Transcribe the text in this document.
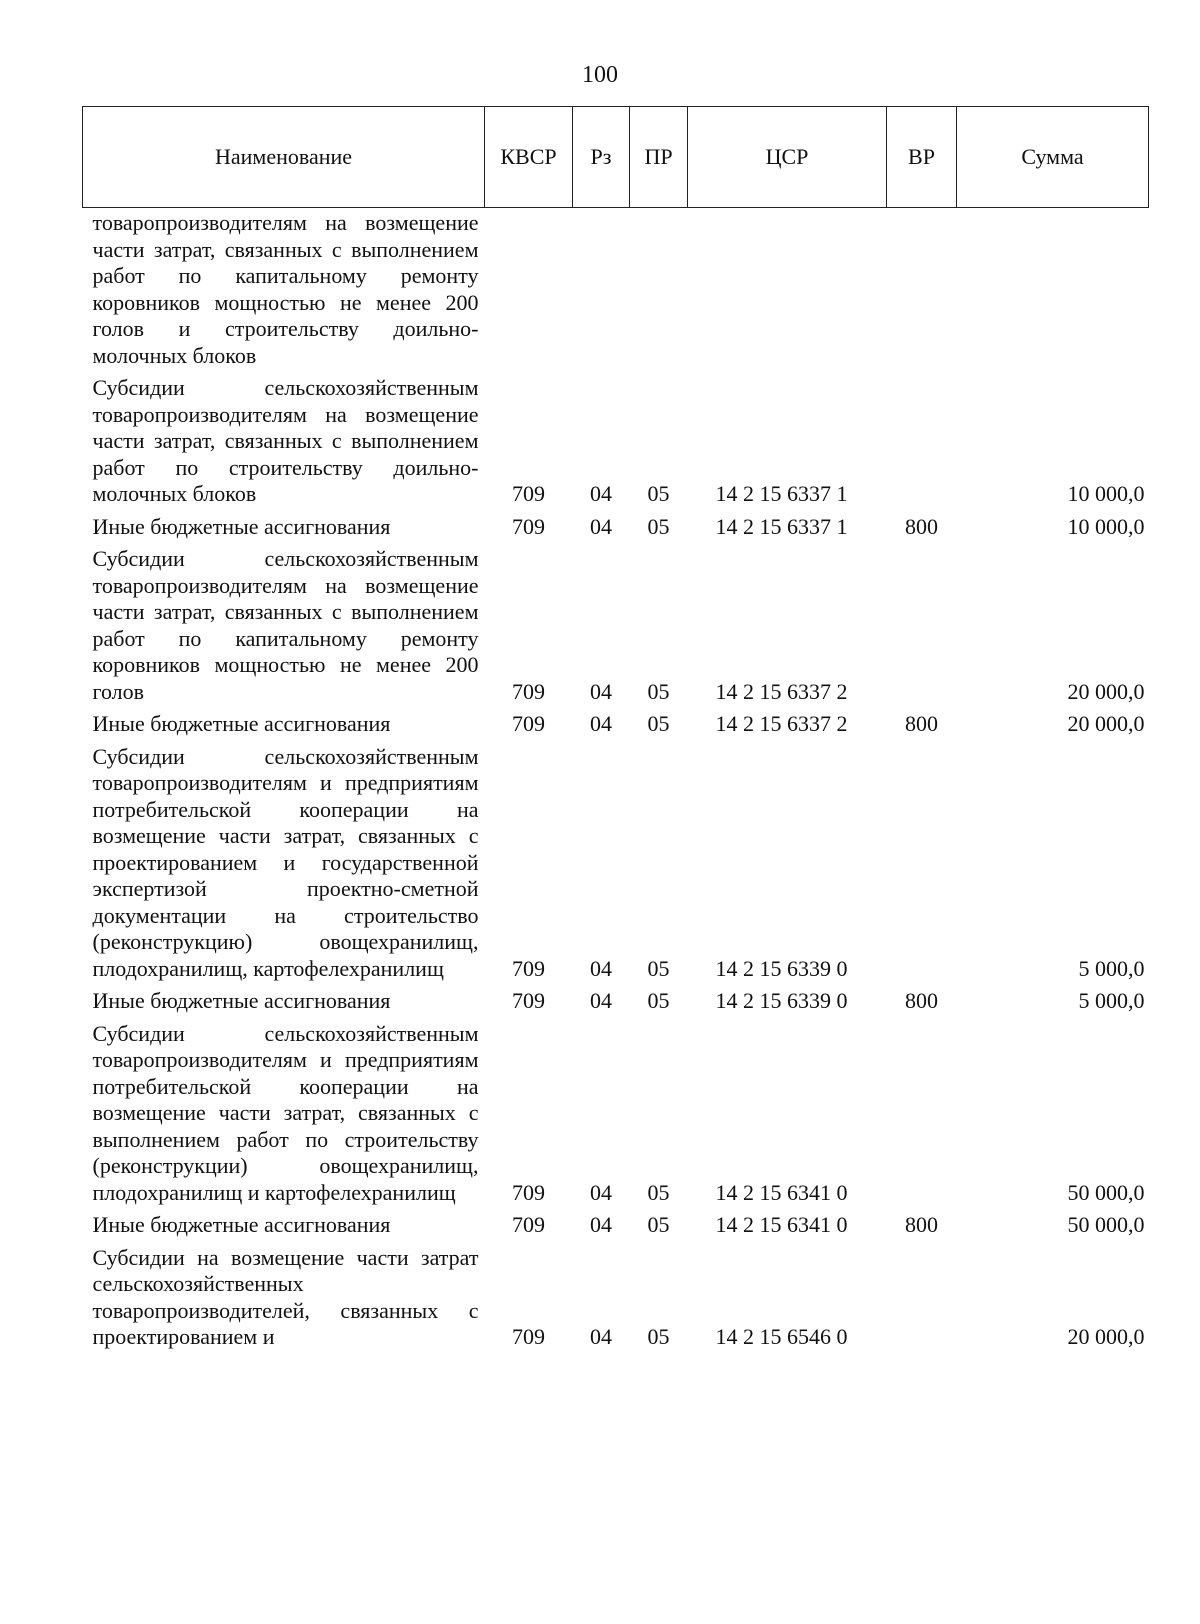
100
Наименование	КВСР	Рз	ПР	ЦСР	ВР	Сумма
товаропроизводителям на возмещение части затрат, связанных с выполнением работ по капитальному ремонту коровников мощностью не менее 200 голов и строительству доильно-молочных блоков						
Субсидии сельскохозяйственным товаропроизводителям на возмещение части затрат, связанных с выполнением работ по строительству доильно-молочных блоков	709	04	05	14 2 15 6337 1		10 000,0
Иные бюджетные ассигнования	709	04	05	14 2 15 6337 1	800	10 000,0
Субсидии сельскохозяйственным товаропроизводителям на возмещение части затрат, связанных с выполнением работ по капитальному ремонту коровников мощностью не менее 200 голов	709	04	05	14 2 15 6337 2		20 000,0
Иные бюджетные ассигнования	709	04	05	14 2 15 6337 2	800	20 000,0
Субсидии сельскохозяйственным товаропроизводителям и предприятиям потребительской кооперации на возмещение части затрат, связанных с проектированием и государственной экспертизой проектно-сметной документации на строительство (реконструкцию) овощехранилищ, плодохранилищ, картофелехранилищ	709	04	05	14 2 15 6339 0		5 000,0
Иные бюджетные ассигнования	709	04	05	14 2 15 6339 0	800	5 000,0
Субсидии сельскохозяйственным товаропроизводителям и предприятиям потребительской кооперации на возмещение части затрат, связанных с выполнением работ по строительству (реконструкции) овощехранилищ, плодохранилищ и картофелехранилищ	709	04	05	14 2 15 6341 0		50 000,0
Иные бюджетные ассигнования	709	04	05	14 2 15 6341 0	800	50 000,0
Субсидии на возмещение части затрат сельскохозяйственных товаропроизводителей, связанных с проектированием и	709	04	05	14 2 15 6546 0		20 000,0
